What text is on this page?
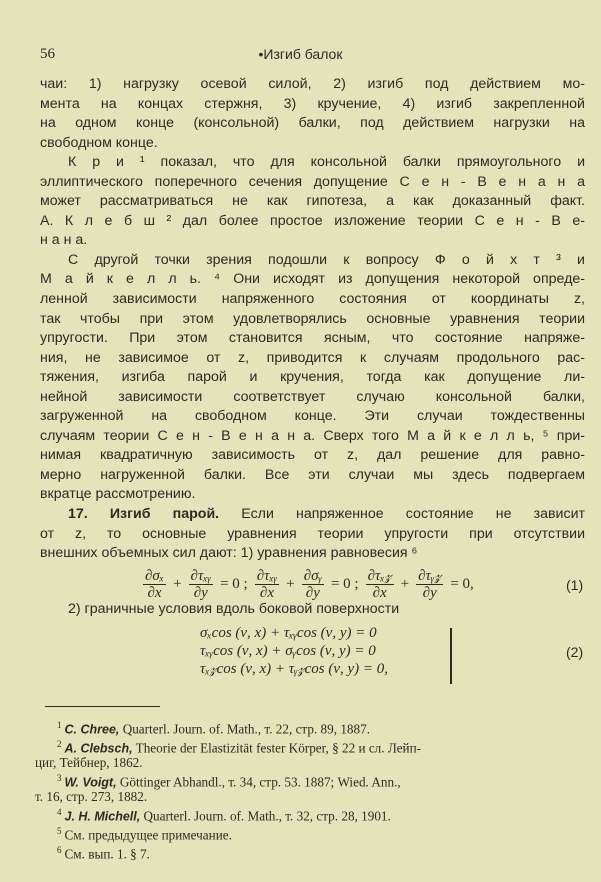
56	•Изгиб балок
чаи: 1) нагрузку осевой силой, 2) изгиб под действием мо-
мента на концах стержня, 3) кручение, 4) изгиб закрепленной
на одном конце (консольной) балки, под действием нагрузки на
свободном конце.
К р и ¹ показал, что для консольной балки прямоугольного и
эллиптического поперечного сечения допущение С е н - В е н а н а
может рассматриваться не как гипотеза, а как доказанный факт.
А. К л е б ш ² дал более простое изложение теории С е н - В е-
н а н а.
С другой точки зрения подошли к вопросу Ф о й х т ³ и
М а й к е л л ь. ⁴ Они исходят из допущения некоторой опреде-
ленной зависимости напряженного состояния от координаты z,
так чтобы при этом удовлетворялись основные уравнения теории
упругости. При этом становится ясным, что состояние напряже-
ния, не зависимое от z, приводится к случаям продольного рас-
тяжения, изгиба парой и кручения, тогда как допущение ли-
нейной зависимости соответствует случаю консольной балки,
загруженной на свободном конце. Эти случаи тождественны
случаям теории С е н - В е н а н а. Сверх того М а й к е л л ь, ⁵ при-
нимая квадратичную зависимость от z, дал решение для равно-
мерно нагруженной балки. Все эти случаи мы здесь подвергаем
вкратце рассмотрению.
17. Изгиб парой. Если напряженное состояние не зависит
от z, то основные уравнения теории упругости при отсутствии
внешних объемных сил дают: 1) уравнения равновесия ⁶
$\frac{\text{∂σₓ}}{\partial x} + \frac{\text{∂τₓᵧ}}{\partial y} = 0$ ; $\frac{\text{∂τₓᵧ}}{\partial x} + \frac{\text{∂σᵧ}}{\partial y} = 0$ ; $\frac{\text{∂τₓ𝓏}}{\partial x} + \frac{\text{∂τᵧ𝓏}}{\partial y} = 0$,	(1)
2) граничные условия вдоль боковой поверхности
σₓcos (ν, x) + τₓᵧcos (ν, y) = 0
τₓᵧcos (ν, x) + σᵧcos (ν, y) = 0
τₓ𝓏cos (ν, x) + τᵧ𝓏cos (ν, y) = 0,
(2)
$^1$ C. Chree, Quarterl. Journ. of. Math., т. 22, стр. 89, 1887.
$^2$ A. Clebsch, Theorie der Elastizität fester Körper, § 22 и сл. Лейп-
циг, Тейбнер, 1862.
$^3$ W. Voigt, Göttinger Abhandl., т. 34, стр. 53. 1887; Wied. Ann.,
т. 16, стр. 273, 1882.
$^4$ J. H. Michell, Quarterl. Journ. of. Math., т. 32, стр. 28, 1901.
$^5$ См. предыдущее примечание.
$^6$ См. вып. 1. § 7.
